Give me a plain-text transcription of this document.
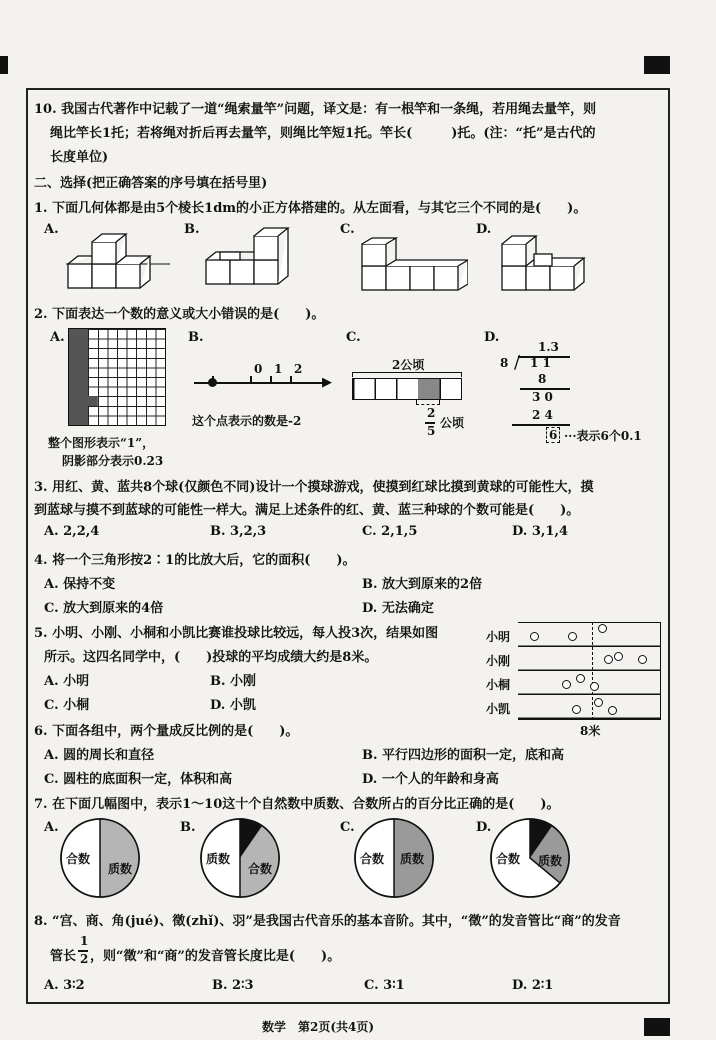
10. 我国古代著作中记载了一道“绳索量竿”问题，译文是：有一根竿和一条绳，若用绳去量竿，则
绳比竿长1托；若将绳对折后再去量竿，则绳比竿短1托。竿长(　　　)托。(注：“托”是古代的
长度单位)
二、选择(把正确答案的序号填在括号里)
1. 下面几何体都是由5个棱长1dm的小正方体搭建的。从左面看，与其它三个不同的是(　　)。
A.	B.	C.	D.
2. 下面表达一个数的意义或大小错误的是(　　)。
A.	B.	C.	D.
整个图形表示“1”，
阴影部分表示0.23
▶
0 1 2
这个点表示的数是-2
2公顷
2
5
公顷
1.3
8 / 1 1
8
3 0
2 4
6 ···表示6个0.1
3. 用红、黄、蓝共8个球(仅颜色不同)设计一个摸球游戏，使摸到红球比摸到黄球的可能性大，摸
到蓝球与摸不到蓝球的可能性一样大。满足上述条件的红、黄、蓝三种球的个数可能是(　　)。
A. 2,2,4	B. 3,2,3	C. 2,1,5	D. 3,1,4
4. 将一个三角形按2∶1的比放大后，它的面积(　　)。
A. 保持不变	B. 放大到原来的2倍
C. 放大到原来的4倍	D. 无法确定
5. 小明、小刚、小桐和小凯比赛谁投球比较远，每人投3次，结果如图
所示。这四名同学中，(　　)投球的平均成绩大约是8米。
A. 小明	B. 小刚
C. 小桐	D. 小凯
小明
小刚
小桐
小凯
8米
6. 下面各组中，两个量成反比例的是(　　)。
A. 圆的周长和直径	B. 平行四边形的面积一定，底和高
C. 圆柱的底面积一定，体积和高	D. 一个人的年龄和身高
7. 在下面几幅图中，表示1～10这十个自然数中质数、合数所占的百分比正确的是(　　)。
A.	B.	C.	D.
合数
质数
质数
合数
合数 质数	合数 质数
8. “宫、商、角(jué)、徵(zhǐ)、羽”是我国古代音乐的基本音阶。其中，“徵”的发音管比“商”的发音
管长
1
2 ，则“徵”和“商”的发音管长度比是(　　)。
A. 3∶2	B. 2∶3	C. 3∶1	D. 2∶1
数学　第2页(共4页)
